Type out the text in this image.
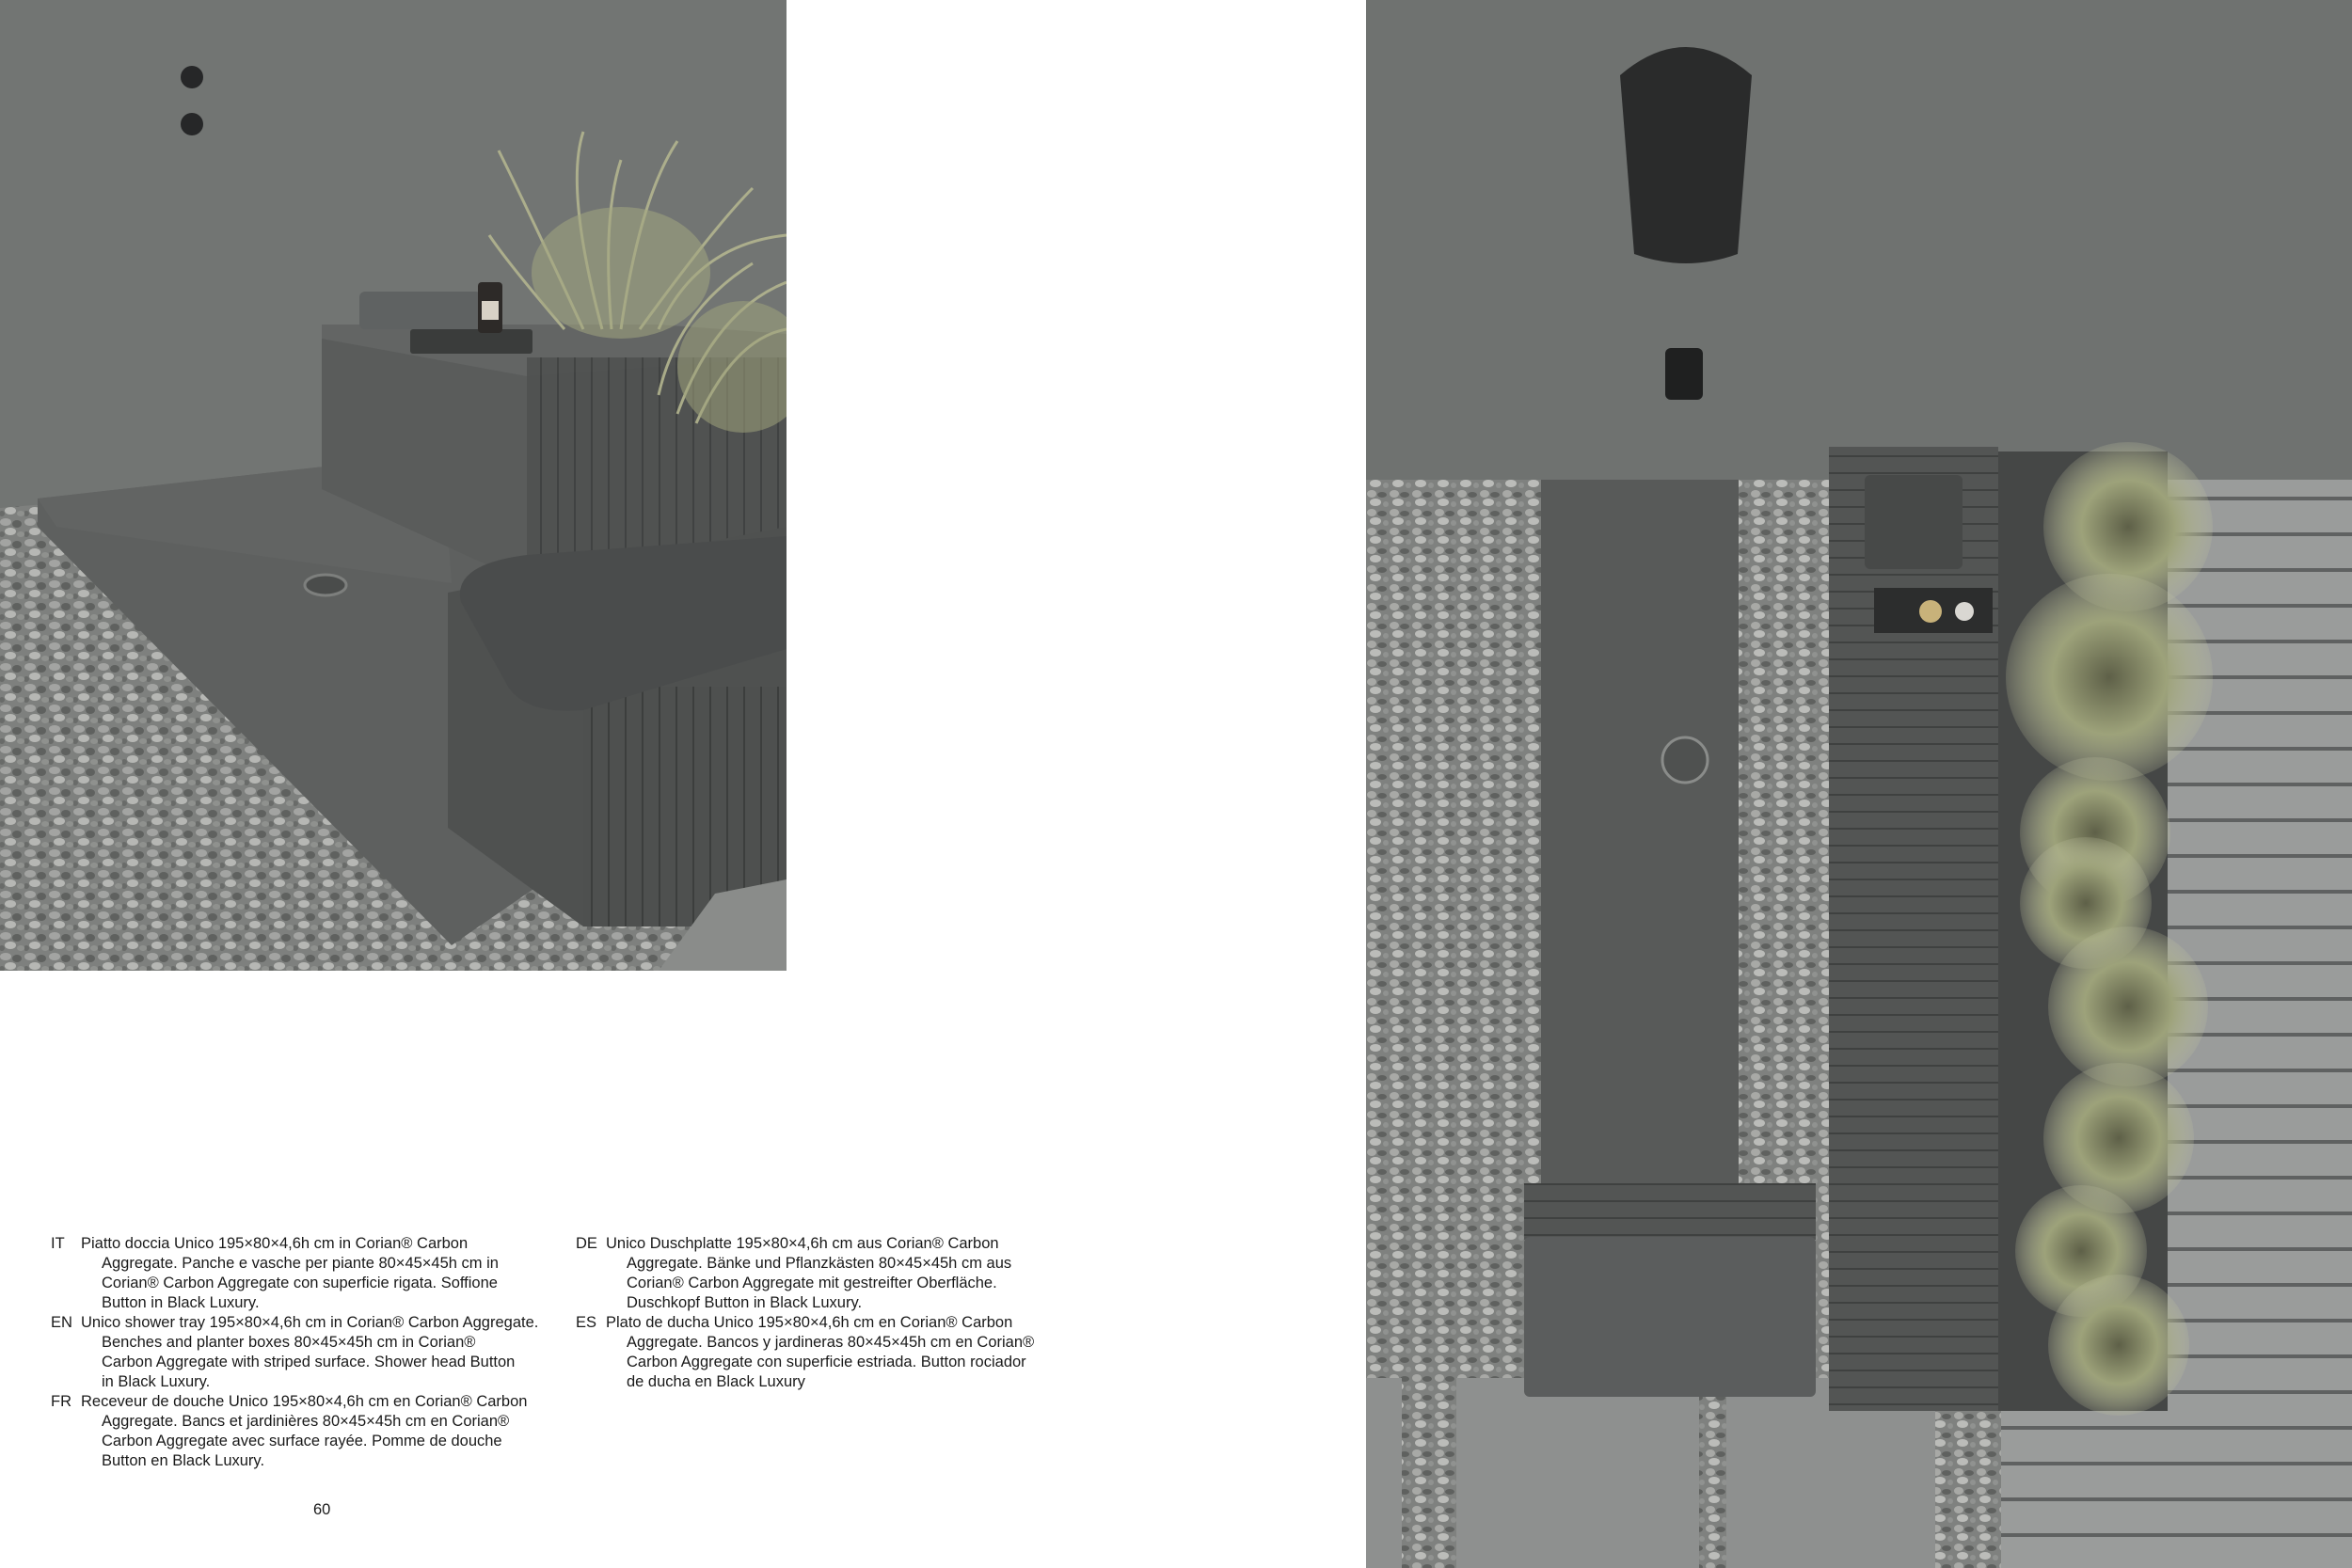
IT	Piatto doccia Unico 195×80×4,6h cm in Corian® Carbon
Aggregate. Panche e vasche per piante 80×45×45h cm in
Corian® Carbon Aggregate con superficie rigata. Soffione
Button in Black Luxury.
EN Unico shower tray 195×80×4,6h cm in Corian® Carbon Aggregate.
Benches and planter boxes 80×45×45h cm in Corian®
Carbon Aggregate with striped surface. Shower head Button
in Black Luxury.
FR Receveur de douche Unico 195×80×4,6h cm en Corian® Carbon
Aggregate. Bancs et jardinières 80×45×45h cm en Corian®
Carbon Aggregate avec surface rayée. Pomme de douche
Button en Black Luxury.
DE Unico Duschplatte 195×80×4,6h cm aus Corian® Carbon
Aggregate. Bänke und Pflanzkästen 80×45×45h cm aus
Corian® Carbon Aggregate mit gestreifter Oberfläche.
Duschkopf Button in Black Luxury.
ES Plato de ducha Unico 195×80×4,6h cm en Corian® Carbon
Aggregate. Bancos y jardineras 80×45×45h cm en Corian®
Carbon Aggregate con superficie estriada. Button rociador
de ducha en Black Luxury
60
